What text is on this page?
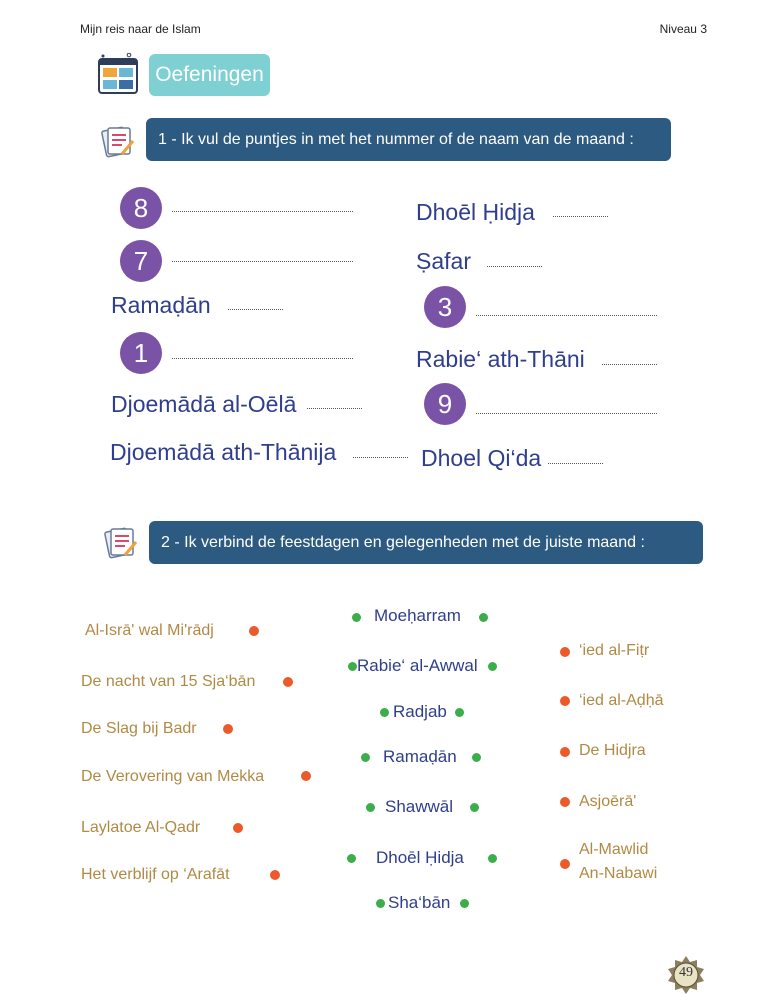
Mijn reis naar de Islam	Niveau 3
Oefeningen
1 - Ik vul de puntjes in met het nummer of de naam van de maand :
8	Dhoēl Ḥidja
7	Ṣafar
Ramaḍān	3
1	Rabie‘ ath-Thāni
Djoemādā al-Oēlā	9
Djoemādā ath-Thānija	Dhoel Qi‘da
2 - Ik verbind de feestdagen en gelegenheden met de juiste maand :
Al-Isrā' wal Mi'rādj
De nacht van 15 Sja‘bān
De Slag bij Badr
De Verovering van Mekka
Laylatoe Al-Qadr
Het verblijf op ‘Arafāt
Moeḥarram
Rabie‘ al-Awwal
Radjab
Ramaḍān
Shawwāl
Dhoēl Ḥidja
Sha‘bān
‘ied al-Fiṭr
‘ied al-Aḍḥā
De Hidjra
Asjoērā'
Al-Mawlid
An-Nabawi
49
